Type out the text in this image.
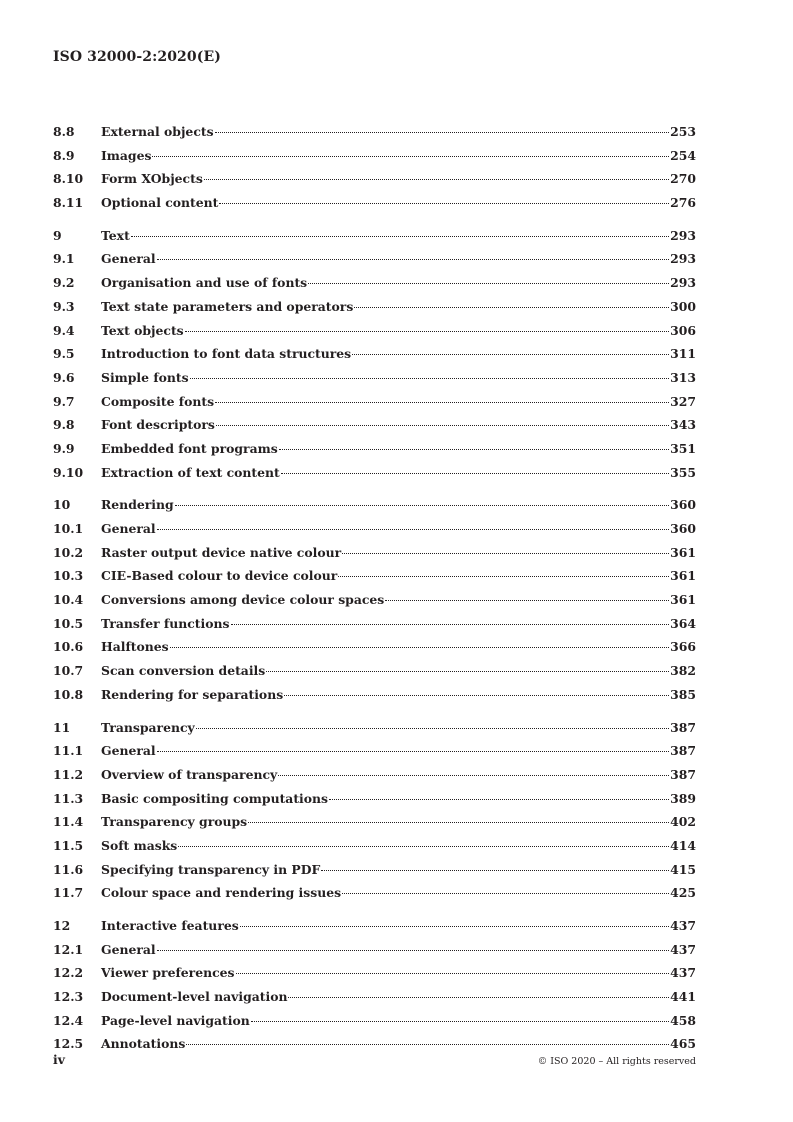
ISO 32000-2:2020(E)
8.8	External objects	253
8.9	Images	254
8.10	Form XObjects	270
8.11	Optional content	276
9	Text	293
9.1	General	293
9.2	Organisation and use of fonts	293
9.3	Text state parameters and operators	300
9.4	Text objects	306
9.5	Introduction to font data structures	311
9.6	Simple fonts	313
9.7	Composite fonts	327
9.8	Font descriptors	343
9.9	Embedded font programs	351
9.10	Extraction of text content	355
10	Rendering	360
10.1	General	360
10.2	Raster output device native colour	361
10.3	CIE-Based colour to device colour	361
10.4	Conversions among device colour spaces	361
10.5	Transfer functions	364
10.6	Halftones	366
10.7	Scan conversion details	382
10.8	Rendering for separations	385
11	Transparency	387
11.1	General	387
11.2	Overview of transparency	387
11.3	Basic compositing computations	389
11.4	Transparency groups	402
11.5	Soft masks	414
11.6	Specifying transparency in PDF	415
11.7	Colour space and rendering issues	425
12	Interactive features	437
12.1	General	437
12.2	Viewer preferences	437
12.3	Document-level navigation	441
12.4	Page-level navigation	458
12.5	Annotations	465
iv	© ISO 2020 – All rights reserved
